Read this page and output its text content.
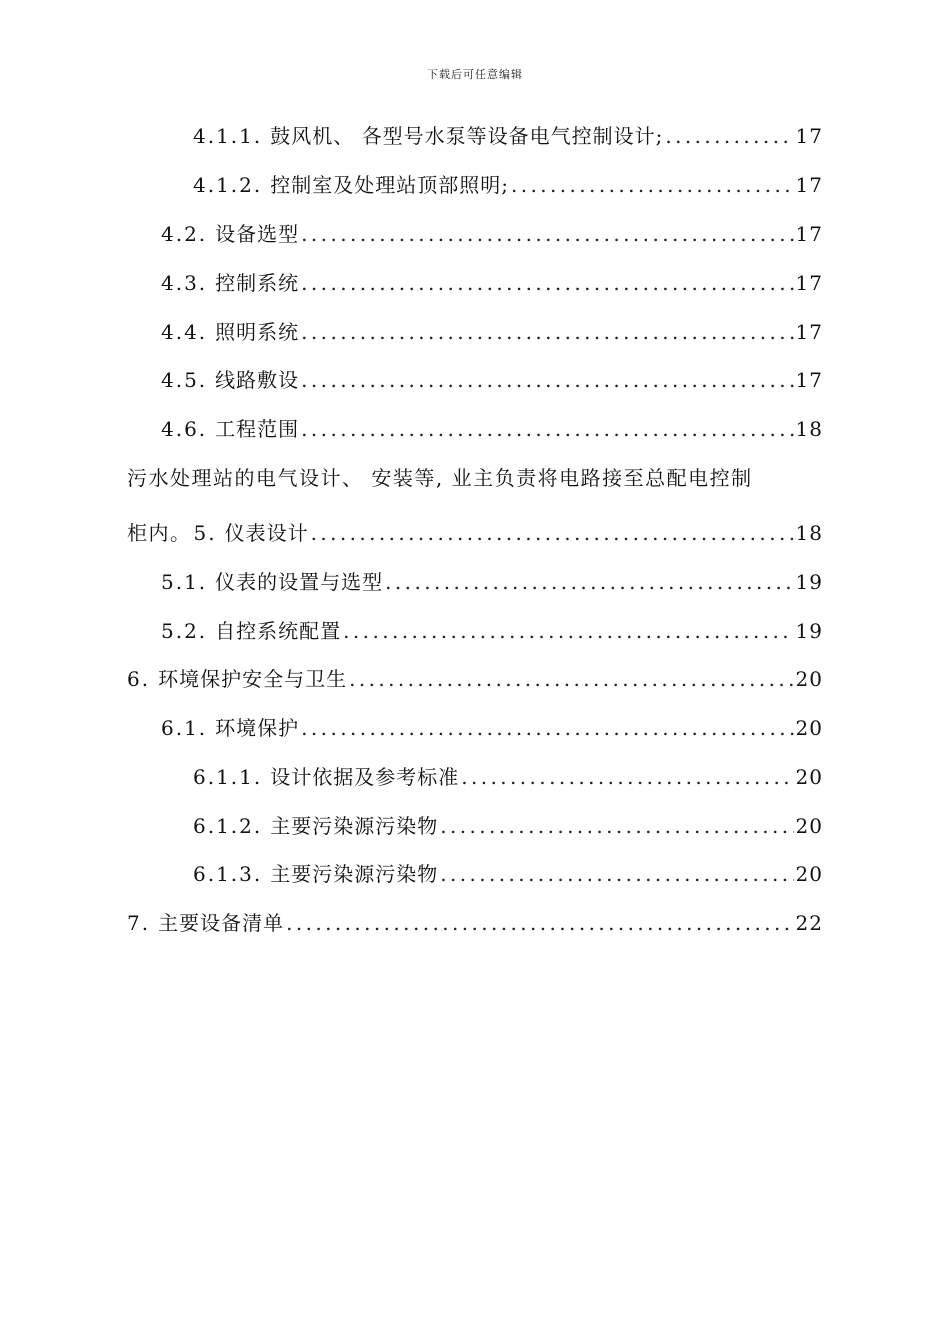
下载后可任意编辑
4.1.1. 鼓风机、 各型号水泵等设备电气控制设计; .....	17
4.1.2. 控制室及处理站顶部照明; .....	17
4.2. 设备选型 .....	17
4.3. 控制系统 .....	17
4.4. 照明系统 .....	17
4.5. 线路敷设 .....	17
4.6. 工程范围 .....	18
污水处理站的电气设计、 安装等, 业主负责将电路接至总配电控制
柜内。 5. 仪表设计 .....	18
5.1. 仪表的设置与选型 .....	19
5.2. 自控系统配置 .....	19
6. 环境保护安全与卫生 .....	20
6.1. 环境保护 .....	20
6.1.1. 设计依据及参考标准 .....	20
6.1.2. 主要污染源污染物 .....	20
6.1.3. 主要污染源污染物 .....	20
7. 主要设备清单 .....	22
